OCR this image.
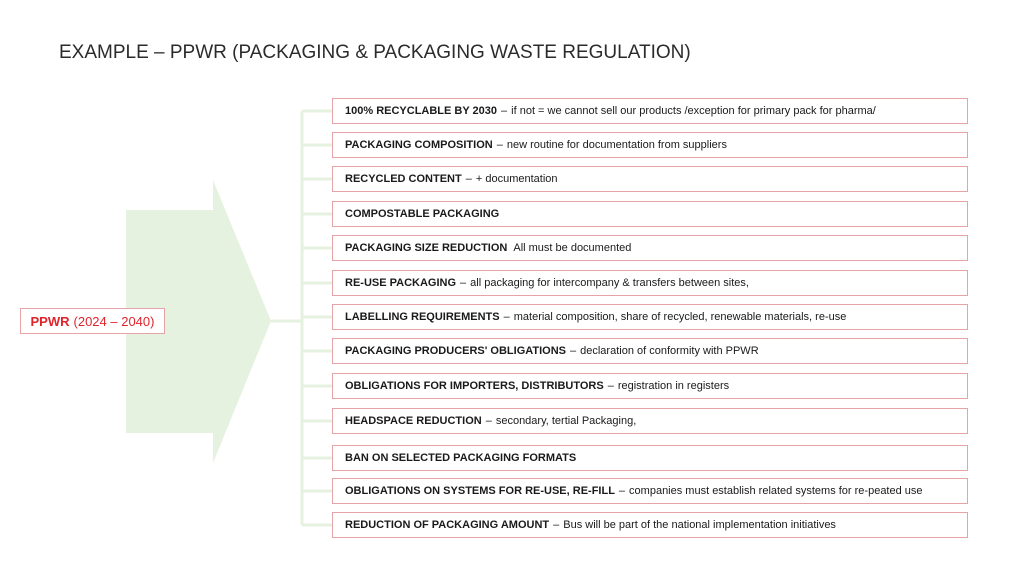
EXAMPLE – PPWR (PACKAGING & PACKAGING WASTE REGULATION)
PPWR (2024 – 2040)
100% RECYCLABLE BY 2030 – if not = we cannot sell our products /exception for primary pack for pharma/
PACKAGING COMPOSITION – new routine for documentation from suppliers
RECYCLED CONTENT – + documentation
COMPOSTABLE PACKAGING
PACKAGING SIZE REDUCTION All must be documented
RE-USE PACKAGING – all packaging for intercompany & transfers between sites,
LABELLING REQUIREMENTS – material composition, share of recycled, renewable materials, re-use
PACKAGING PRODUCERS' OBLIGATIONS – declaration of conformity with PPWR
OBLIGATIONS FOR IMPORTERS, DISTRIBUTORS – registration in registers
HEADSPACE REDUCTION – secondary, tertial Packaging,
BAN ON SELECTED PACKAGING FORMATS
OBLIGATIONS ON SYSTEMS FOR RE-USE, RE-FILL – companies must establish related systems for re-peated use
REDUCTION OF PACKAGING AMOUNT – Bus will be part of the national implementation initiatives
